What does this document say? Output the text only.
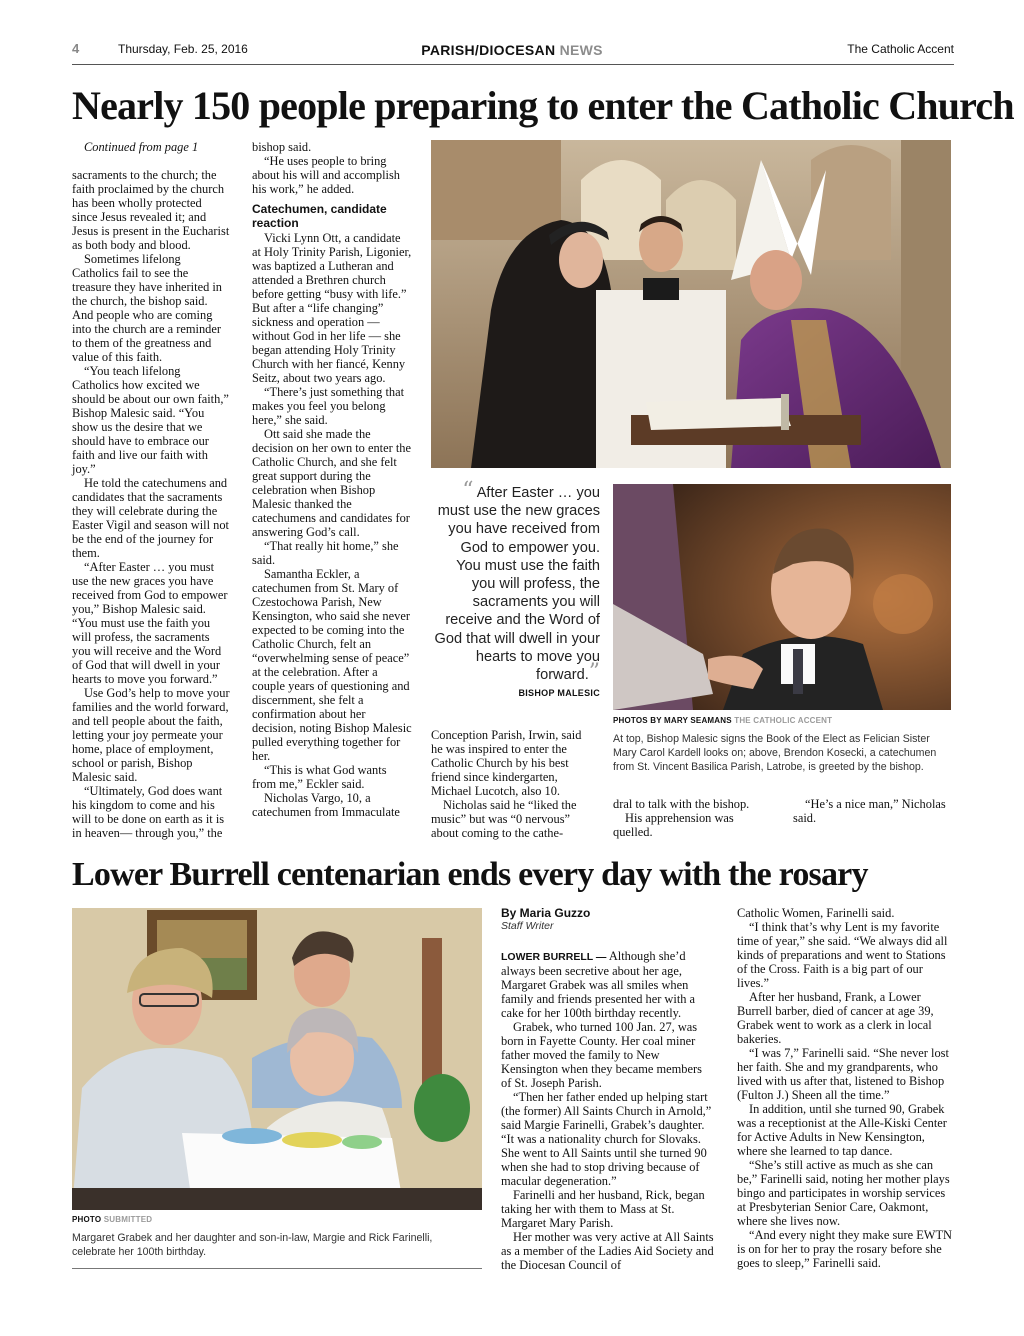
4	Thursday, Feb. 25, 2016	PARISH/DIOCESAN NEWS	The Catholic Accent
Nearly 150 people preparing to enter the Catholic Church

Continued from page 1

sacraments to the church; the faith proclaimed by the church has been wholly protected since Jesus revealed it; and Jesus is present in the Eucharist as both body and blood.

Sometimes lifelong Catholics fail to see the treasure they have inherited in the church, the bishop said. And people who are coming into the church are a reminder to them of the greatness and value of this faith.

“You teach lifelong Catholics how excited we should be about our own faith,” Bishop Malesic said. “You show us the desire that we should have to embrace our faith and live our faith with joy.”

He told the catechumens and candidates that the sacraments they will celebrate during the Easter Vigil and season will not be the end of the journey for them.

“After Easter … you must use the new graces you have received from God to empower you,” Bishop Malesic said. “You must use the faith you will profess, the sacraments you will receive and the Word of God that will dwell in your hearts to move you forward.”

Use God’s help to move your families and the world forward, and tell people about the faith, letting your joy permeate your home, place of employment, school or parish, Bishop Malesic said.

“Ultimately, God does want his kingdom to come and his will to be done on earth as it is in heaven— through you,” the

bishop said.

“He uses people to bring about his will and accomplish his work,” he added.

Catechumen, candidate reaction

Vicki Lynn Ott, a candidate at Holy Trinity Parish, Ligonier, was baptized a Lutheran and attended a Brethren church before getting “busy with life.” But after a “life changing” sickness and operation — without God in her life — she began attending Holy Trinity Church with her fiancé, Kenny Seitz, about two years ago.

“There’s just something that makes you feel you belong here,” she said.

Ott said she made the decision on her own to enter the Catholic Church, and she felt great support during the celebration when Bishop Malesic thanked the catechumens and candidates for answering God’s call.

“That really hit home,” she said.

Samantha Eckler, a catechumen from St. Mary of Czestochowa Parish, New Kensington, who said she never expected to be coming into the Catholic Church, felt an “overwhelming sense of peace” at the celebration. After a couple years of questioning and discernment, she felt a confirmation about her decision, noting Bishop Malesic pulled everything together for her.

“This is what God wants from me,” Eckler said.

Nicholas Vargo, 10, a catechumen from Immaculate

“ After Easter … you must use the new graces you have received from God to empower you. You must use the faith you will profess, the sacraments you will receive and the Word of God that will dwell in your hearts to move you forward.”
BISHOP MALESIC
PHOTOS BY MARY SEAMANS THE CATHOLIC ACCENT
At top, Bishop Malesic signs the Book of the Elect as Felician Sister Mary Carol Kardell looks on; above, Brendon Kosecki, a catechumen from St. Vincent Basilica Parish, Latrobe, is greeted by the bishop.

Conception Parish, Irwin, said he was inspired to enter the Catholic Church by his best friend since kindergarten, Michael Lucotch, also 10.

Nicholas said he “liked the music” but was “0 nervous” about coming to the cathe-

dral to talk with the bishop.

His apprehension was quelled.

“He’s a nice man,” Nicholas said.

Lower Burrell centenarian ends every day with the rosary
PHOTO SUBMITTED
Margaret Grabek and her daughter and son-in-law, Margie and Rick Farinelli, celebrate her 100th birthday.
By Maria Guzzo
Staff Writer

LOWER BURRELL — Although she’d always been secretive about her age, Margaret Grabek was all smiles when family and friends presented her with a cake for her 100th birthday recently.

Grabek, who turned 100 Jan. 27, was born in Fayette County. Her coal miner father moved the family to New Kensington when they became members of St. Joseph Parish.

“Then her father ended up helping start (the former) All Saints Church in Arnold,” said Margie Farinelli, Grabek’s daughter. “It was a nationality church for Slovaks. She went to All Saints until she turned 90 when she had to stop driving because of macular degeneration.”

Farinelli and her husband, Rick, began taking her with them to Mass at St. Margaret Mary Parish.

Her mother was very active at All Saints as a member of the Ladies Aid Society and the Diocesan Council of

Catholic Women, Farinelli said.

“I think that’s why Lent is my favorite time of year,” she said. “We always did all kinds of preparations and went to Stations of the Cross. Faith is a big part of our lives.”

After her husband, Frank, a Lower Burrell barber, died of cancer at age 39, Grabek went to work as a clerk in local bakeries.

“I was 7,” Farinelli said. “She never lost her faith. She and my grandparents, who lived with us after that, listened to Bishop (Fulton J.) Sheen all the time.”

In addition, until she turned 90, Grabek was a receptionist at the Alle-Kiski Center for Active Adults in New Kensington, where she learned to tap dance.

“She’s still active as much as she can be,” Farinelli said, noting her mother plays bingo and participates in worship services at Presbyterian Senior Care, Oakmont, where she lives now.

“And every night they make sure EWTN is on for her to pray the rosary before she goes to sleep,” Farinelli said.
